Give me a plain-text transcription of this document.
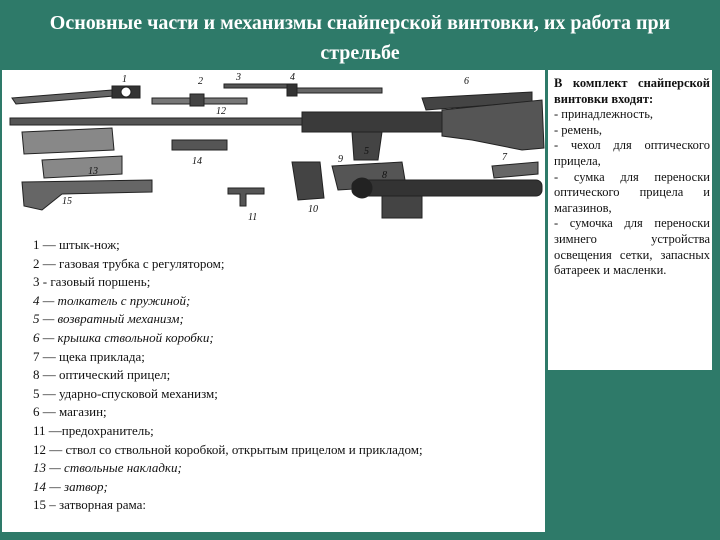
Основные части и механизмы снайперской винтовки, их работа при стрельбе
1	2	3	4
5
6
7
8
9
10
11
12
13
14
15
1 — штык-нож;
2 — газовая трубка с регулятором;
3 - газовый поршень;
4 — толкатель с пружиной;
5 — возвратный механизм;
6 — крышка ствольной коробки;
7 — щека приклада;
8 — оптический прицел;
5 — ударно-спусковой механизм;
6 — магазин;
11 —предохранитель;
12 — ствол со ствольной коробкой, открытым прицелом и прикладом;
13 — ствольные накладки;
14 — затвор;
15 – затворная рама:
В комплект снайперской винтовки входят:
- принадлежность,
- ремень,
- чехол для оптического прицела,
- сумка для переноски оптического прицела и магазинов,
- сумочка для переноски зимнего устройства освещения сетки, запасных батареек и масленки.
